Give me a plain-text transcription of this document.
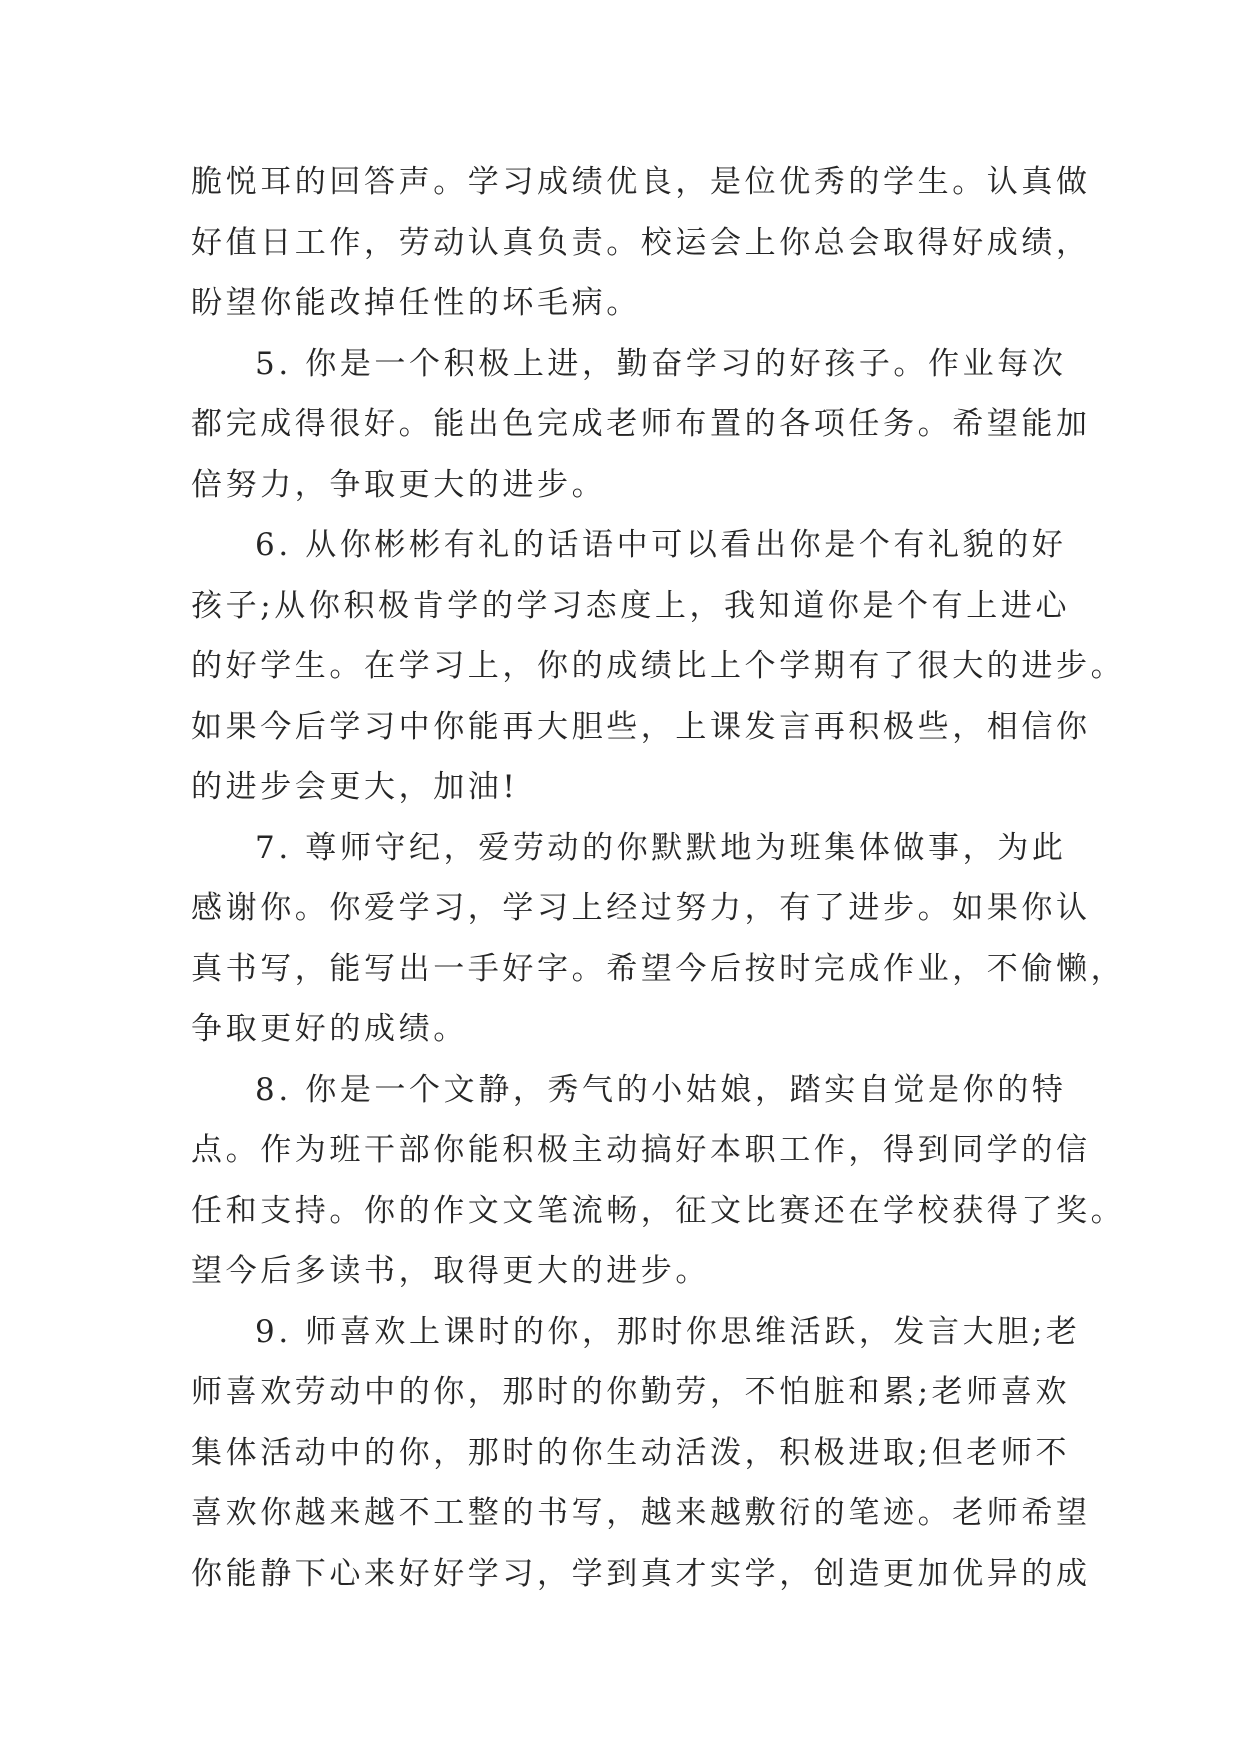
脆悦耳的回答声。学习成绩优良，是位优秀的学生。认真做
好值日工作，劳动认真负责。校运会上你总会取得好成绩，
盼望你能改掉任性的坏毛病。
5. 你是一个积极上进，勤奋学习的好孩子。作业每次
都完成得很好。能出色完成老师布置的各项任务。希望能加
倍努力，争取更大的进步。
6. 从你彬彬有礼的话语中可以看出你是个有礼貌的好
孩子;从你积极肯学的学习态度上，我知道你是个有上进心
的好学生。在学习上，你的成绩比上个学期有了很大的进步。
如果今后学习中你能再大胆些，上课发言再积极些，相信你
的进步会更大，加油!
7. 尊师守纪，爱劳动的你默默地为班集体做事，为此
感谢你。你爱学习，学习上经过努力，有了进步。如果你认
真书写，能写出一手好字。希望今后按时完成作业，不偷懒，
争取更好的成绩。
8. 你是一个文静，秀气的小姑娘，踏实自觉是你的特
点。作为班干部你能积极主动搞好本职工作，得到同学的信
任和支持。你的作文文笔流畅，征文比赛还在学校获得了奖。
望今后多读书，取得更大的进步。
9. 师喜欢上课时的你，那时你思维活跃，发言大胆;老
师喜欢劳动中的你，那时的你勤劳，不怕脏和累;老师喜欢
集体活动中的你，那时的你生动活泼，积极进取;但老师不
喜欢你越来越不工整的书写，越来越敷衍的笔迹。老师希望
你能静下心来好好学习，学到真才实学，创造更加优异的成
